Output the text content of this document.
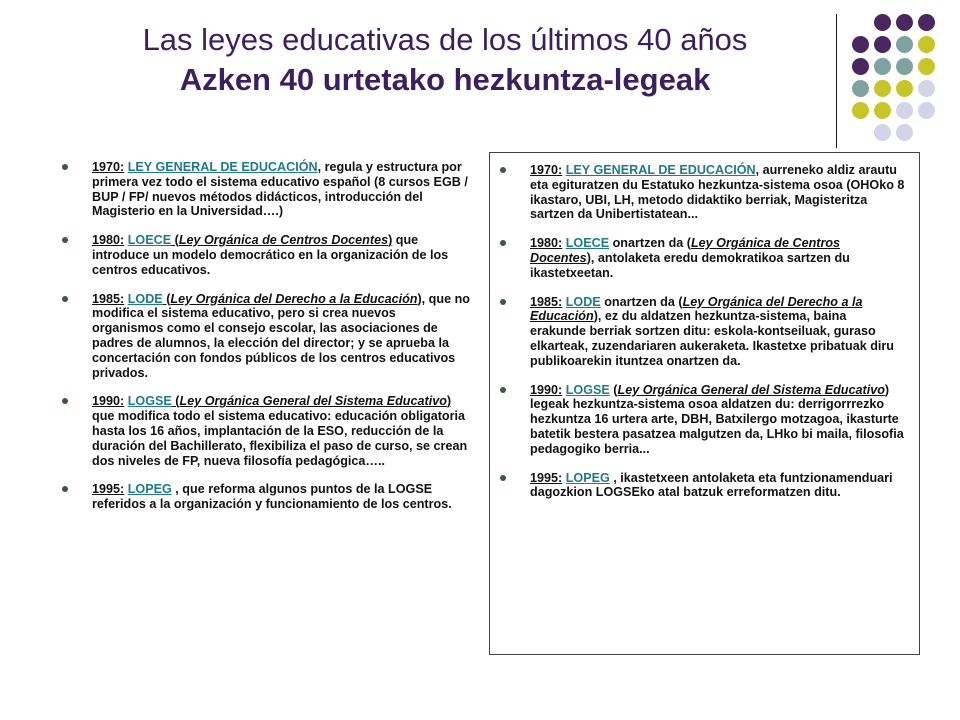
Las leyes educativas de los últimos 40 años
Azken 40 urtetako hezkuntza-legeak
1970: LEY GENERAL DE EDUCACIÓN, regula y estructura por primera vez todo el sistema educativo español (8 cursos EGB / BUP / FP/ nuevos métodos didácticos, introducción del Magisterio en la Universidad….)
1980: LOECE (Ley Orgánica de Centros Docentes) que introduce un modelo democrático en la organización de los centros educativos.
1985: LODE (Ley Orgánica del Derecho a la Educación), que no modifica el sistema educativo, pero si crea nuevos organismos como el consejo escolar, las asociaciones de padres de alumnos, la elección del director; y se aprueba la concertación con fondos públicos de los centros educativos privados.
1990: LOGSE (Ley Orgánica General del Sistema Educativo) que modifica todo el sistema educativo: educación obligatoria hasta los 16 años, implantación de la ESO, reducción de la duración del Bachillerato, flexibiliza el paso de curso, se crean dos niveles de FP, nueva filosofía pedagógica…..
1995: LOPEG , que reforma algunos puntos de la LOGSE referidos a la organización y funcionamiento de los centros.
1970: LEY GENERAL DE EDUCACIÓN, aurreneko aldiz arautu eta egituratzen du Estatuko hezkuntza-sistema osoa (OHOko 8 ikastaro, UBI, LH, metodo didaktiko berriak, Magisteritza sartzen da Unibertistatean...
1980: LOECE onartzen da (Ley Orgánica de Centros Docentes), antolaketa eredu demokratikoa sartzen du ikastetxeetan.
1985: LODE onartzen da (Ley Orgánica del Derecho a la Educación), ez du aldatzen hezkuntza-sistema, baina erakunde berriak sortzen ditu: eskola-kontseiluak, guraso elkarteak, zuzendariaren aukeraketa. Ikastetxe pribatuak diru publikoarekin ituntzea onartzen da.
1990: LOGSE (Ley Orgánica General del Sistema Educativo) legeak hezkuntza-sistema osoa aldatzen du: derrigorrrezko hezkuntza 16 urtera arte, DBH, Batxilergo motzagoa, ikasturte batetik bestera pasatzea malgutzen da, LHko bi maila, filosofia pedagogiko berria...
1995: LOPEG , ikastetxeen antolaketa eta funtzionamenduari dagozkion LOGSEko atal batzuk erreformatzen ditu.
